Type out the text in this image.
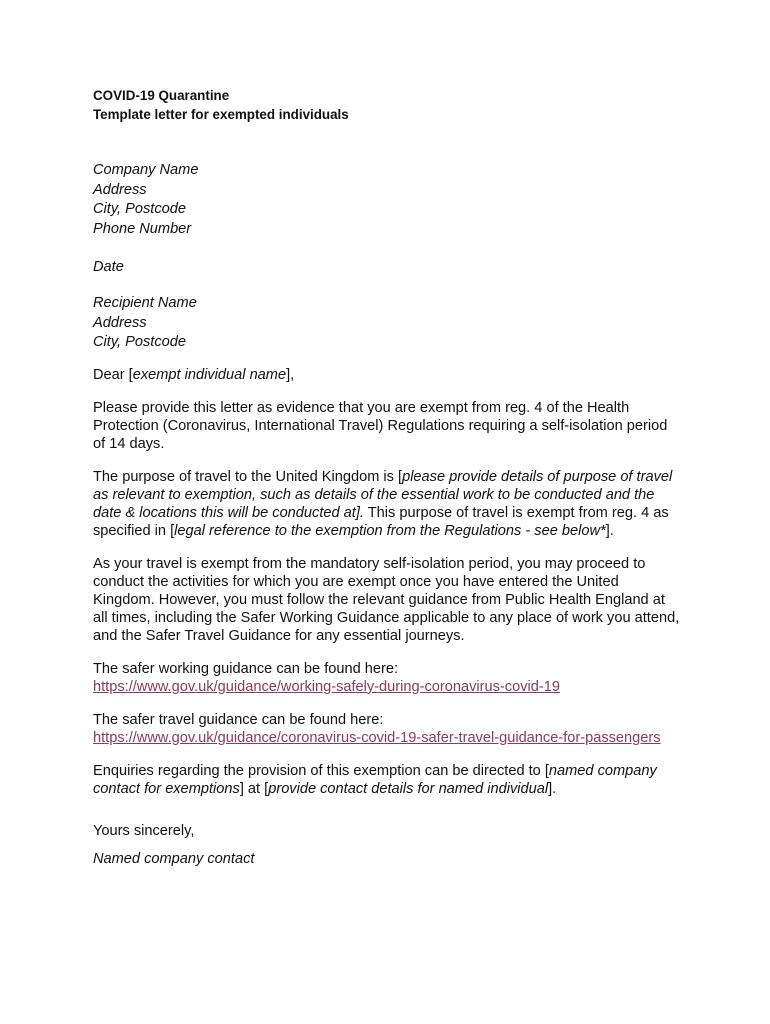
COVID-19 Quarantine
Template letter for exempted individuals
Company Name
Address
City, Postcode
Phone Number
Date
Recipient Name
Address
City, Postcode
Dear [exempt individual name],
Please provide this letter as evidence that you are exempt from reg. 4 of the Health Protection (Coronavirus, International Travel) Regulations requiring a self-isolation period of 14 days.
The purpose of travel to the United Kingdom is [please provide details of purpose of travel as relevant to exemption, such as details of the essential work to be conducted and the date & locations this will be conducted at]. This purpose of travel is exempt from reg. 4 as specified in [legal reference to the exemption from the Regulations - see below*].
As your travel is exempt from the mandatory self-isolation period, you may proceed to conduct the activities for which you are exempt once you have entered the United Kingdom. However, you must follow the relevant guidance from Public Health England at all times, including the Safer Working Guidance applicable to any place of work you attend, and the Safer Travel Guidance for any essential journeys.
The safer working guidance can be found here:
https://www.gov.uk/guidance/working-safely-during-coronavirus-covid-19
The safer travel guidance can be found here:
https://www.gov.uk/guidance/coronavirus-covid-19-safer-travel-guidance-for-passengers
Enquiries regarding the provision of this exemption can be directed to [named company contact for exemptions] at [provide contact details for named individual].
Yours sincerely,
Named company contact
